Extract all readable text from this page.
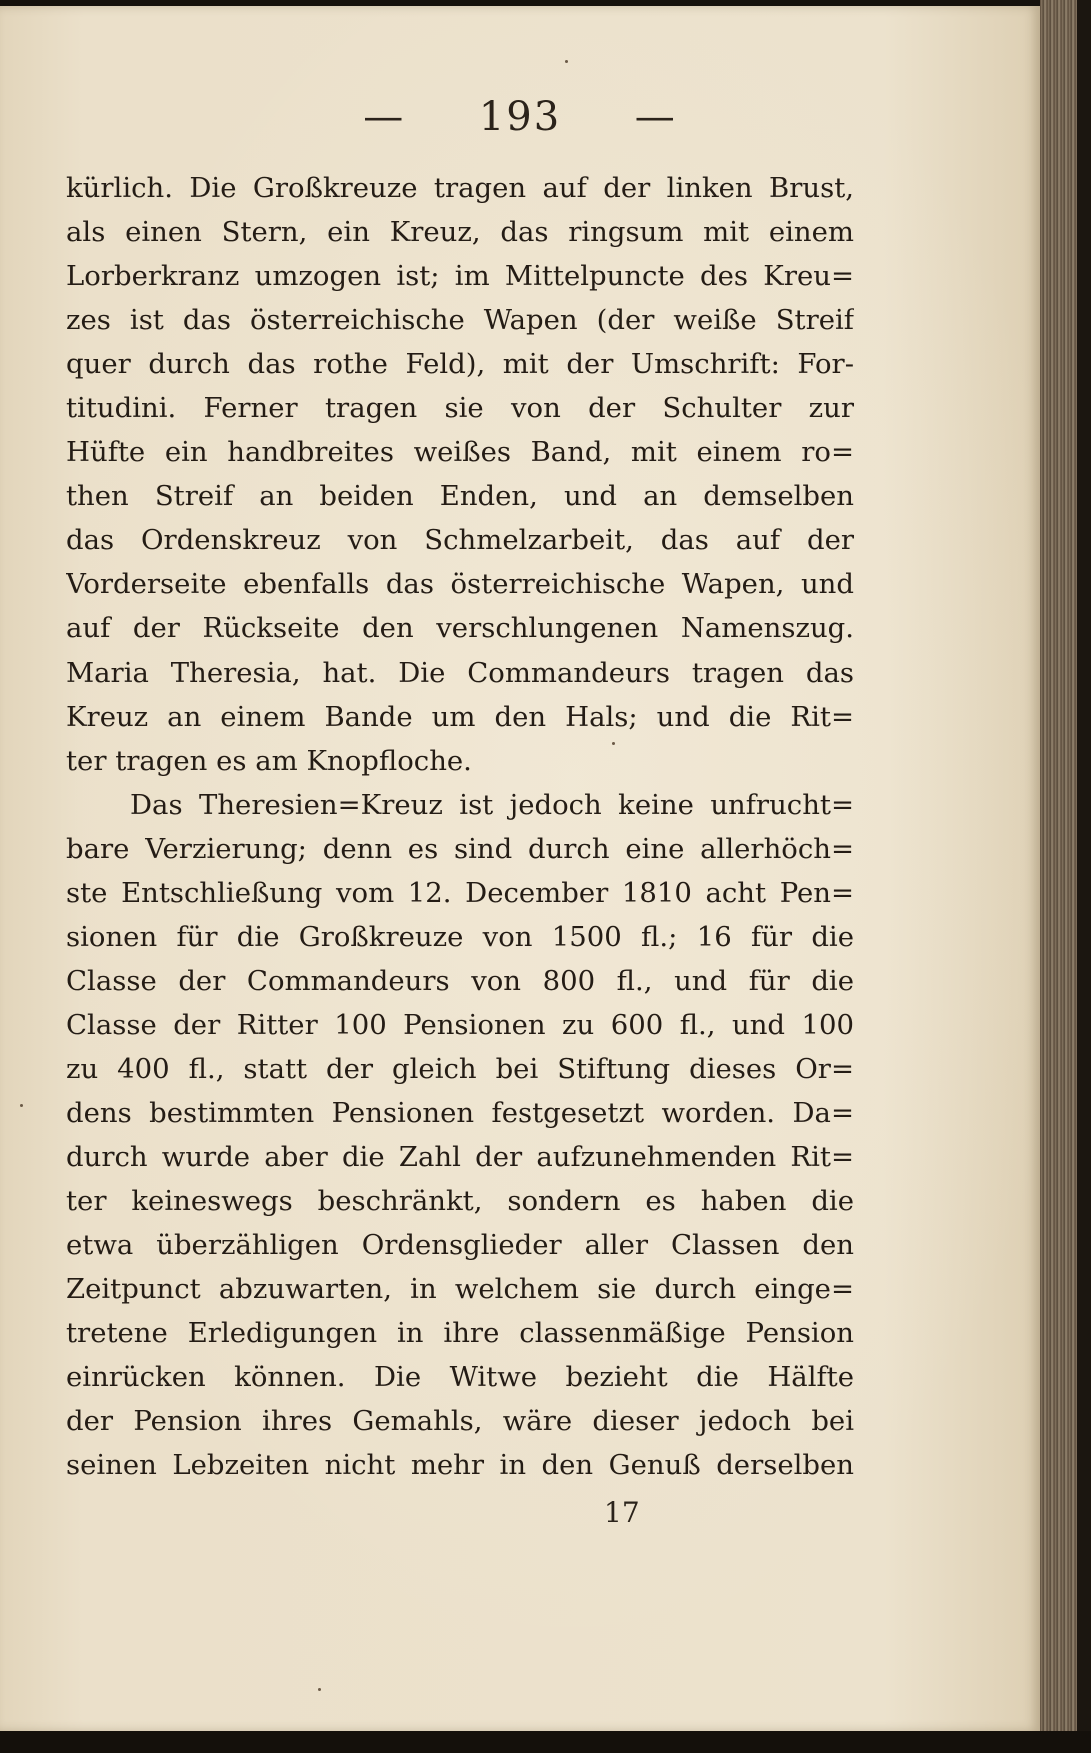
— 193 —
kürlich. Die Großkreuze tragen auf der linken Brust,
als einen Stern, ein Kreuz, das ringsum mit einem
Lorberkranz umzogen ist; im Mittelpuncte des Kreu=
zes ist das österreichische Wapen (der weiße Streif
quer durch das rothe Feld), mit der Umschrift: For-
titudini. Ferner tragen sie von der Schulter zur
Hüfte ein handbreites weißes Band, mit einem ro=
then Streif an beiden Enden, und an demselben
das Ordenskreuz von Schmelzarbeit, das auf der
Vorderseite ebenfalls das österreichische Wapen, und
auf der Rückseite den verschlungenen Namenszug.
Maria Theresia, hat. Die Commandeurs tragen das
Kreuz an einem Bande um den Hals; und die Rit=
ter tragen es am Knopfloche.
Das Theresien=Kreuz ist jedoch keine unfrucht=
bare Verzierung; denn es sind durch eine allerhöch=
ste Entschließung vom 12. December 1810 acht Pen=
sionen für die Großkreuze von 1500 fl.; 16 für die
Classe der Commandeurs von 800 fl., und für die
Classe der Ritter 100 Pensionen zu 600 fl., und 100
zu 400 fl., statt der gleich bei Stiftung dieses Or=
dens bestimmten Pensionen festgesetzt worden. Da=
durch wurde aber die Zahl der aufzunehmenden Rit=
ter keineswegs beschränkt, sondern es haben die
etwa überzähligen Ordensglieder aller Classen den
Zeitpunct abzuwarten, in welchem sie durch einge=
tretene Erledigungen in ihre classenmäßige Pension
einrücken können. Die Witwe bezieht die Hälfte
der Pension ihres Gemahls, wäre dieser jedoch bei
seinen Lebzeiten nicht mehr in den Genuß derselben
17
